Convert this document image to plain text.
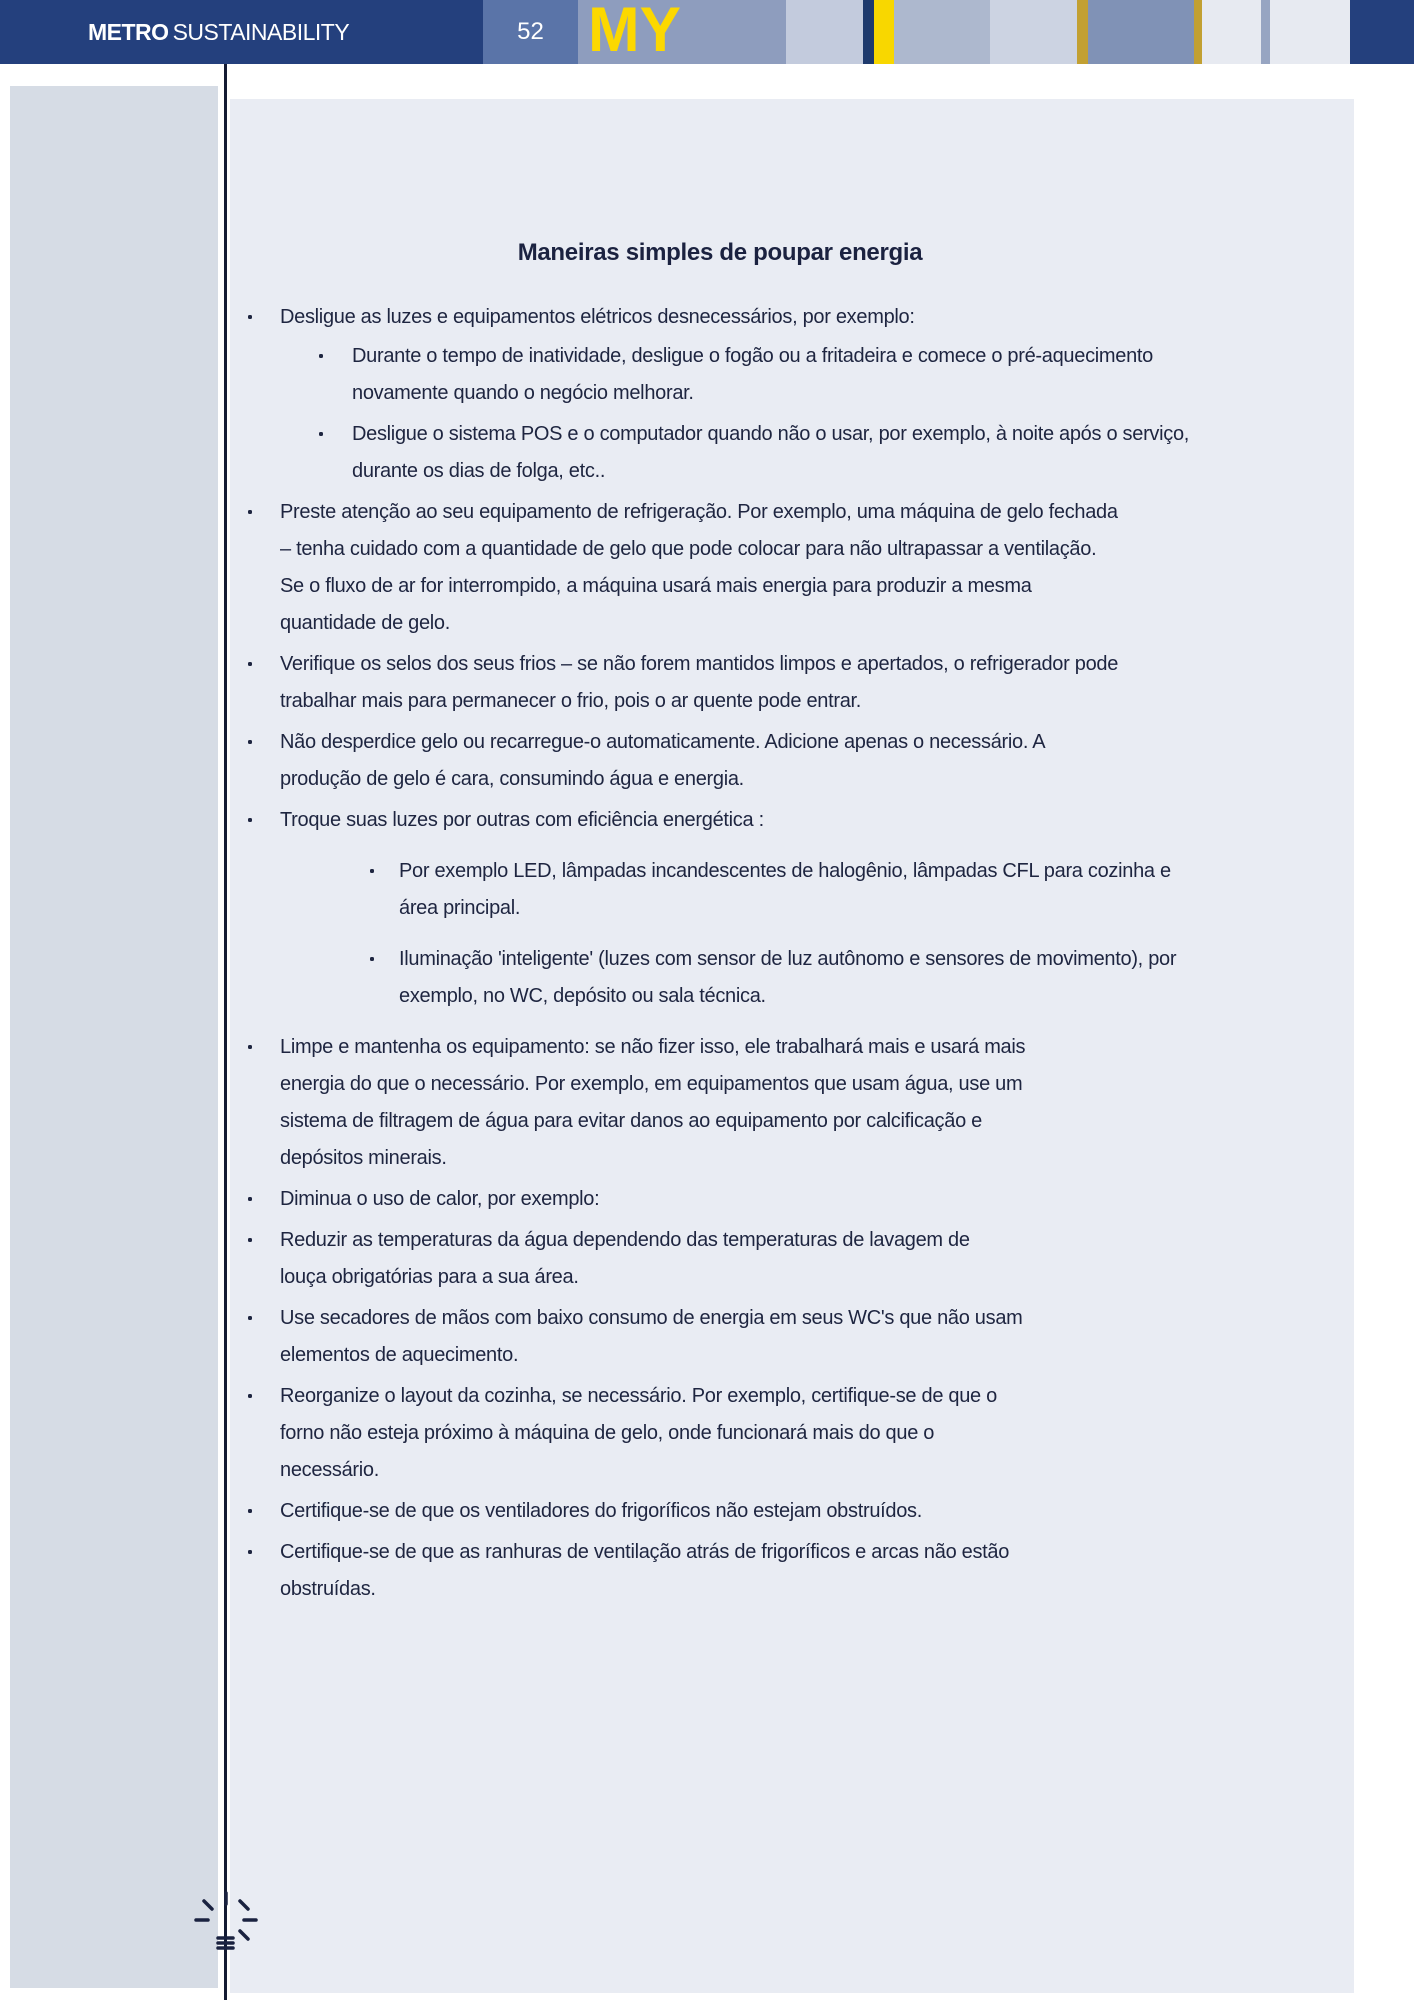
METRO SUSTAINABILITY	52 MY
Maneiras simples de poupar energia
Desligue as luzes e equipamentos elétricos desnecessários, por exemplo:
Durante o tempo de inatividade, desligue o fogão ou a fritadeira e comece o pré-aquecimento novamente quando o negócio melhorar.
Desligue o sistema POS e o computador quando não o usar, por exemplo, à noite após o serviço, durante os dias de folga, etc..
Preste atenção ao seu equipamento de refrigeração. Por exemplo, uma máquina de gelo fechada – tenha cuidado com a quantidade de gelo que pode colocar para não ultrapassar a ventilação. Se o fluxo de ar for interrompido, a máquina usará mais energia para produzir a mesma quantidade de gelo.
Verifique os selos dos seus frios – se não forem mantidos limpos e apertados, o refrigerador pode trabalhar mais para permanecer o frio, pois o ar quente pode entrar.
Não desperdice gelo ou recarregue-o automaticamente. Adicione apenas o necessário. A produção de gelo é cara, consumindo água e energia.
Troque suas luzes por outras com eficiência energética :
Por exemplo LED, lâmpadas incandescentes de halogênio, lâmpadas CFL para cozinha e área principal.
Iluminação 'inteligente' (luzes com sensor de luz autônomo e sensores de movimento), por exemplo, no WC, depósito ou sala técnica.
Limpe e mantenha os equipamento: se não fizer isso, ele trabalhará mais e usará mais energia do que o necessário. Por exemplo, em equipamentos que usam água, use um sistema de filtragem de água para evitar danos ao equipamento por calcificação e depósitos minerais.
Diminua o uso de calor, por exemplo:
Reduzir as temperaturas da água dependendo das temperaturas de lavagem de louça obrigatórias para a sua área.
Use secadores de mãos com baixo consumo de energia em seus WC's que não usam elementos de aquecimento.
Reorganize o layout da cozinha, se necessário. Por exemplo, certifique-se de que o forno não esteja próximo à máquina de gelo, onde funcionará mais do que o necessário.
Certifique-se de que os ventiladores do frigoríficos não estejam obstruídos.
Certifique-se de que as ranhuras de ventilação atrás de frigoríficos e arcas não estão obstruídas.
